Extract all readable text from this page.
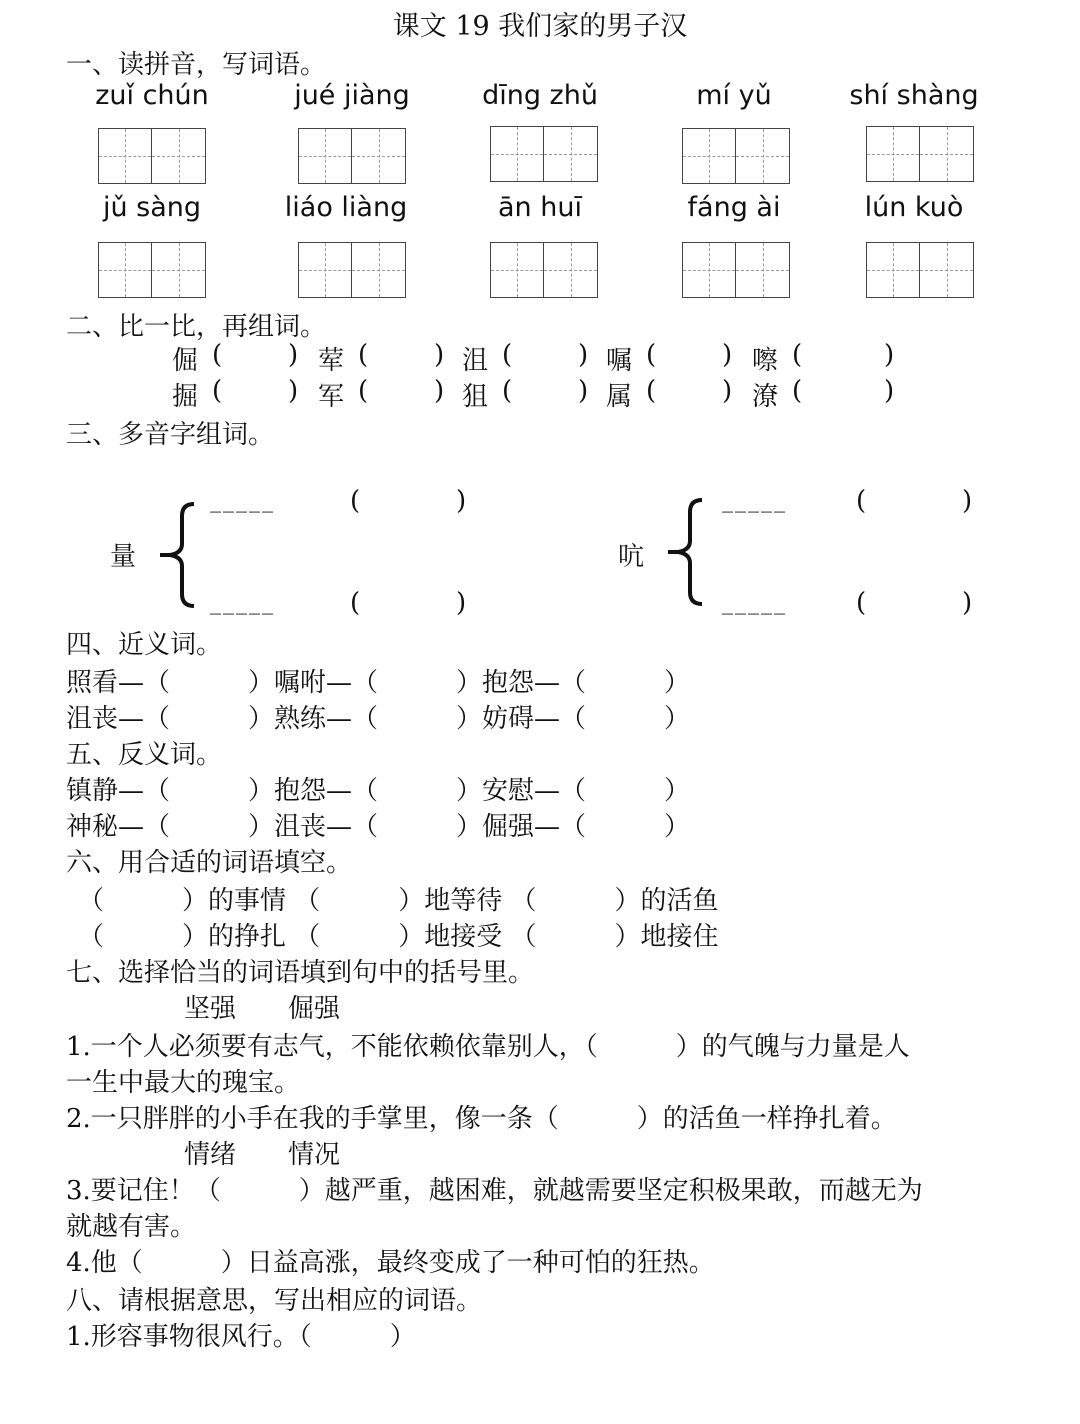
课文 19 我们家的男子汉
一、读拼音，写词语。
zuǐ chún	jué jiàng	dīng zhǔ	mí yǔ	shí shàng
jǔ sàng	liáo liàng	ān huī	fáng ài	lún kuò
二、比一比，再组词。
倔 (	) 荤 (	) 沮 (	) 嘱 (	) 嚓 (	)
掘 (	) 军 (	) 狙 (	) 属 (	) 潦 (	)
三、多音字组词。
量
_____	(	)
_____	(	)
吭
_____	(	)
_____	(	)
四、近义词。
照看—（　　　）嘱咐—（　　　）抱怨—（　　　）
沮丧—（　　　）熟练—（　　　）妨碍—（　　　）
五、反义词。
镇静—（　　　）抱怨—（　　　）安慰—（　　　）
神秘—（　　　）沮丧—（　　　）倔强—（　　　）
六、用合适的词语填空。
（　　　）的事情 （　　　）地等待 （　　　）的活鱼
（　　　）的挣扎 （　　　）地接受 （　　　）地接住
七、选择恰当的词语填到句中的括号里。
坚强　　倔强
1.一个人必须要有志气，不能依赖依靠别人，（　　　）的气魄与力量是人
一生中最大的瑰宝。
2.一只胖胖的小手在我的手掌里，像一条（　　　）的活鱼一样挣扎着。
情绪　　情况
3.要记住！（　　　）越严重，越困难，就越需要坚定积极果敢，而越无为
就越有害。
4.他（　　　）日益高涨，最终变成了一种可怕的狂热。
八、请根据意思，写出相应的词语。
1.形容事物很风行。（　　　）
